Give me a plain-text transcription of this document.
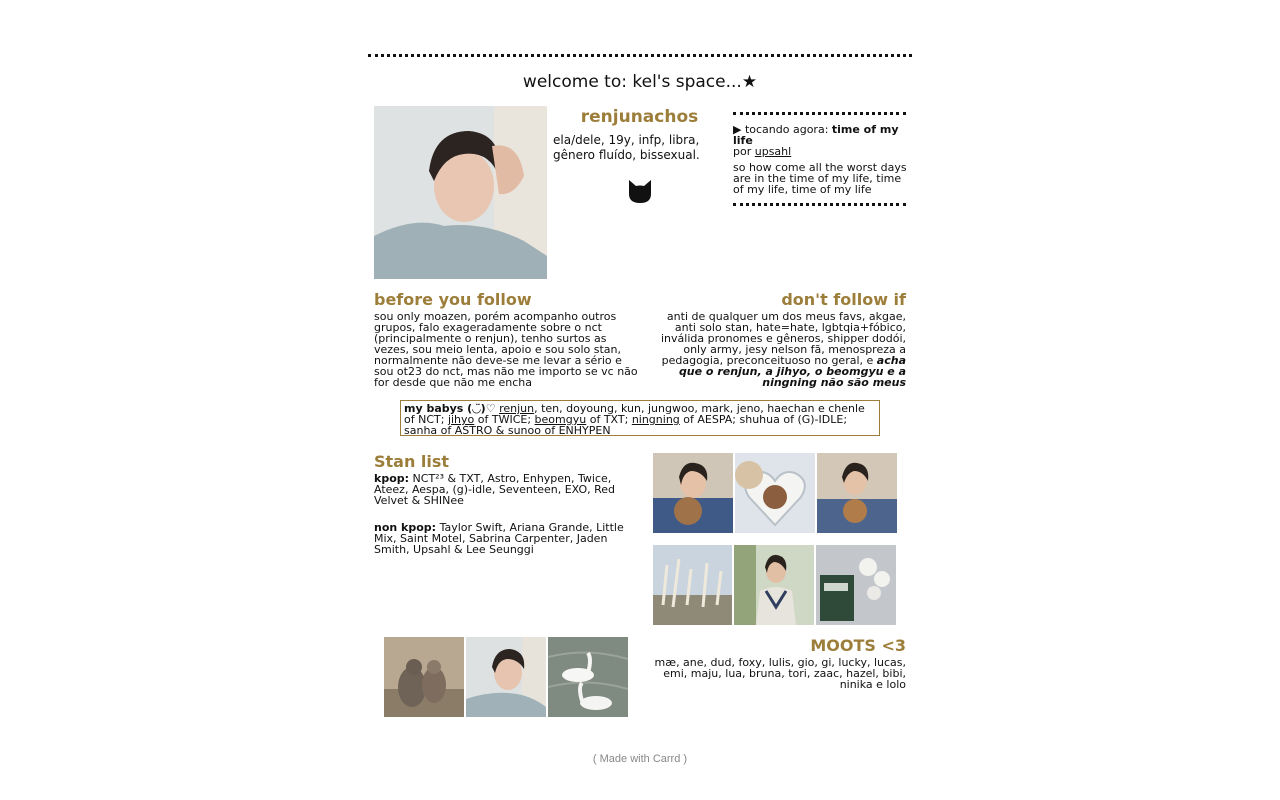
welcome to: kel's space...★
renjunachos
ela/dele, 19y, infp, libra,
gênero fluído, bissexual.
▶ tocando agora: time of my life
por upsahl
so how come all the worst days are in the time of my life, time of my life, time of my life
before you follow
sou only moazen, porém acompanho outros grupos, falo exageradamente sobre o nct (principalmente o renjun), tenho surtos as vezes, sou meio lenta, apoio e sou solo stan, normalmente não deve-se me levar a sério e sou ot23 do nct, mas não me importo se vc não for desde que não me encha
don't follow if
anti de qualquer um dos meus favs, akgae, anti solo stan, hate=hate, lgbtqia+fóbico, inválida pronomes e gêneros, shipper dodói, only army, jesy nelson fã, menospreza a pedagogia, preconceituoso no geral, e acha que o renjun, a jihyo, o beomgyu e a ningning não são meus
my babys (◡̈)♡ renjun, ten, doyoung, kun, jungwoo, mark, jeno, haechan e chenle of NCT; jihyo of TWICE; beomgyu of TXT; ningning of AESPA; shuhua of (G)-IDLE; sanha of ASTRO & sunoo of ENHYPEN
Stan list
kpop: NCT²³ & TXT, Astro, Enhypen, Twice, Ateez, Aespa, (g)-idle, Seventeen, EXO, Red Velvet & SHINee
non kpop: Taylor Swift, Ariana Grande, Little Mix, Saint Motel, Sabrina Carpenter, Jaden Smith, Upsahl & Lee Seunggi
MOOTS <3
mæ, ane, dud, foxy, lulis, gio, gi, lucky, lucas, emi, maju, lua, bruna, tori, zaac, hazel, bibi, ninika e lolo
( Made with Carrd )
